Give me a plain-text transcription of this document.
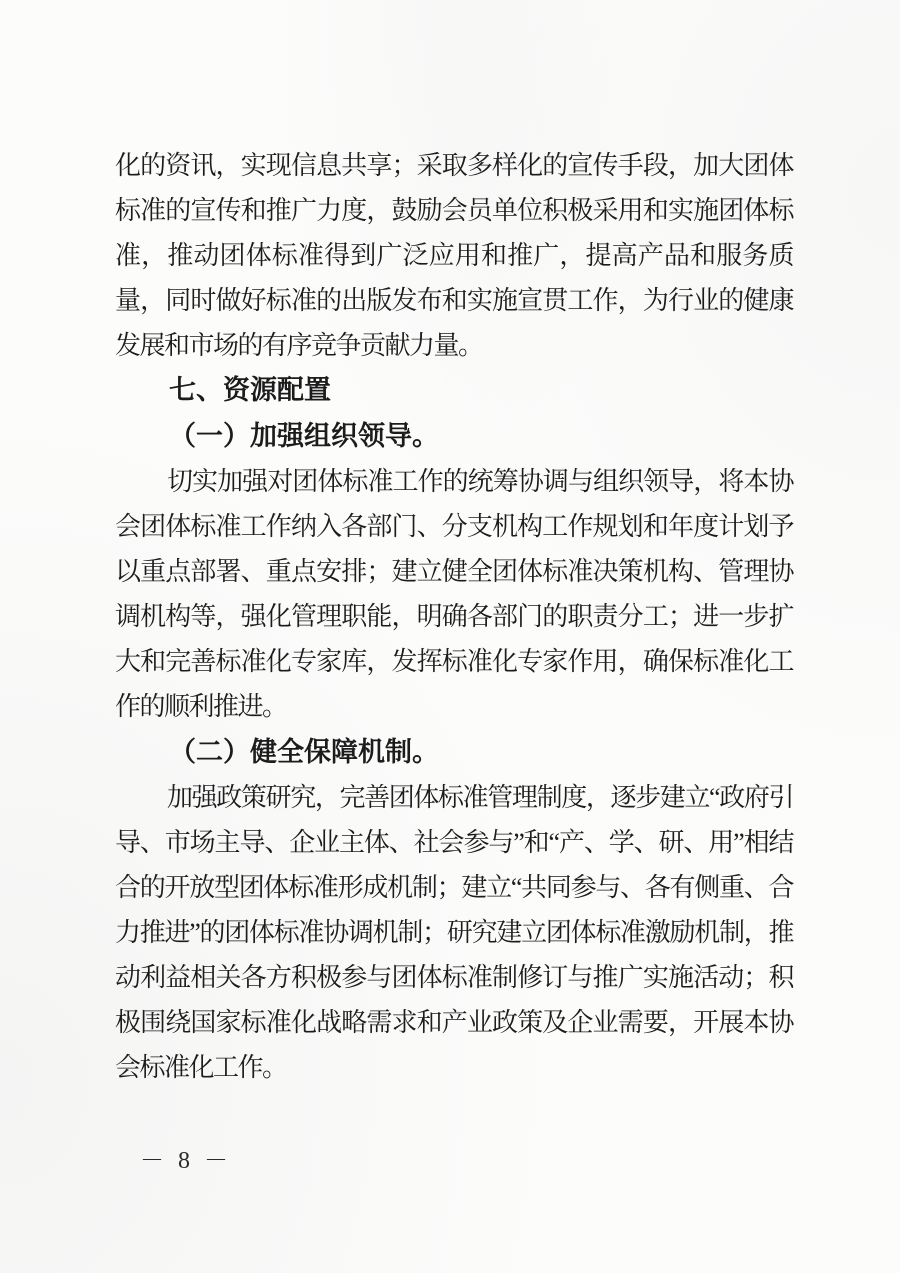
化的资讯，实现信息共享；采取多样化的宣传手段，加大团体标准的宣传和推广力度，鼓励会员单位积极采用和实施团体标准，推动团体标准得到广泛应用和推广，提高产品和服务质量，同时做好标准的出版发布和实施宣贯工作，为行业的健康发展和市场的有序竞争贡献力量。

七、资源配置

（一）加强组织领导。

切实加强对团体标准工作的统筹协调与组织领导，将本协会团体标准工作纳入各部门、分支机构工作规划和年度计划予以重点部署、重点安排；建立健全团体标准决策机构、管理协调机构等，强化管理职能，明确各部门的职责分工；进一步扩大和完善标准化专家库，发挥标准化专家作用，确保标准化工作的顺利推进。

（二）健全保障机制。

加强政策研究，完善团体标准管理制度，逐步建立“政府引导、市场主导、企业主体、社会参与”和“产、学、研、用”相结合的开放型团体标准形成机制；建立“共同参与、各有侧重、合力推进”的团体标准协调机制；研究建立团体标准激励机制，推动利益相关各方积极参与团体标准制修订与推广实施活动；积极围绕国家标准化战略需求和产业政策及企业需要，开展本协会标准化工作。

－ 8 －
